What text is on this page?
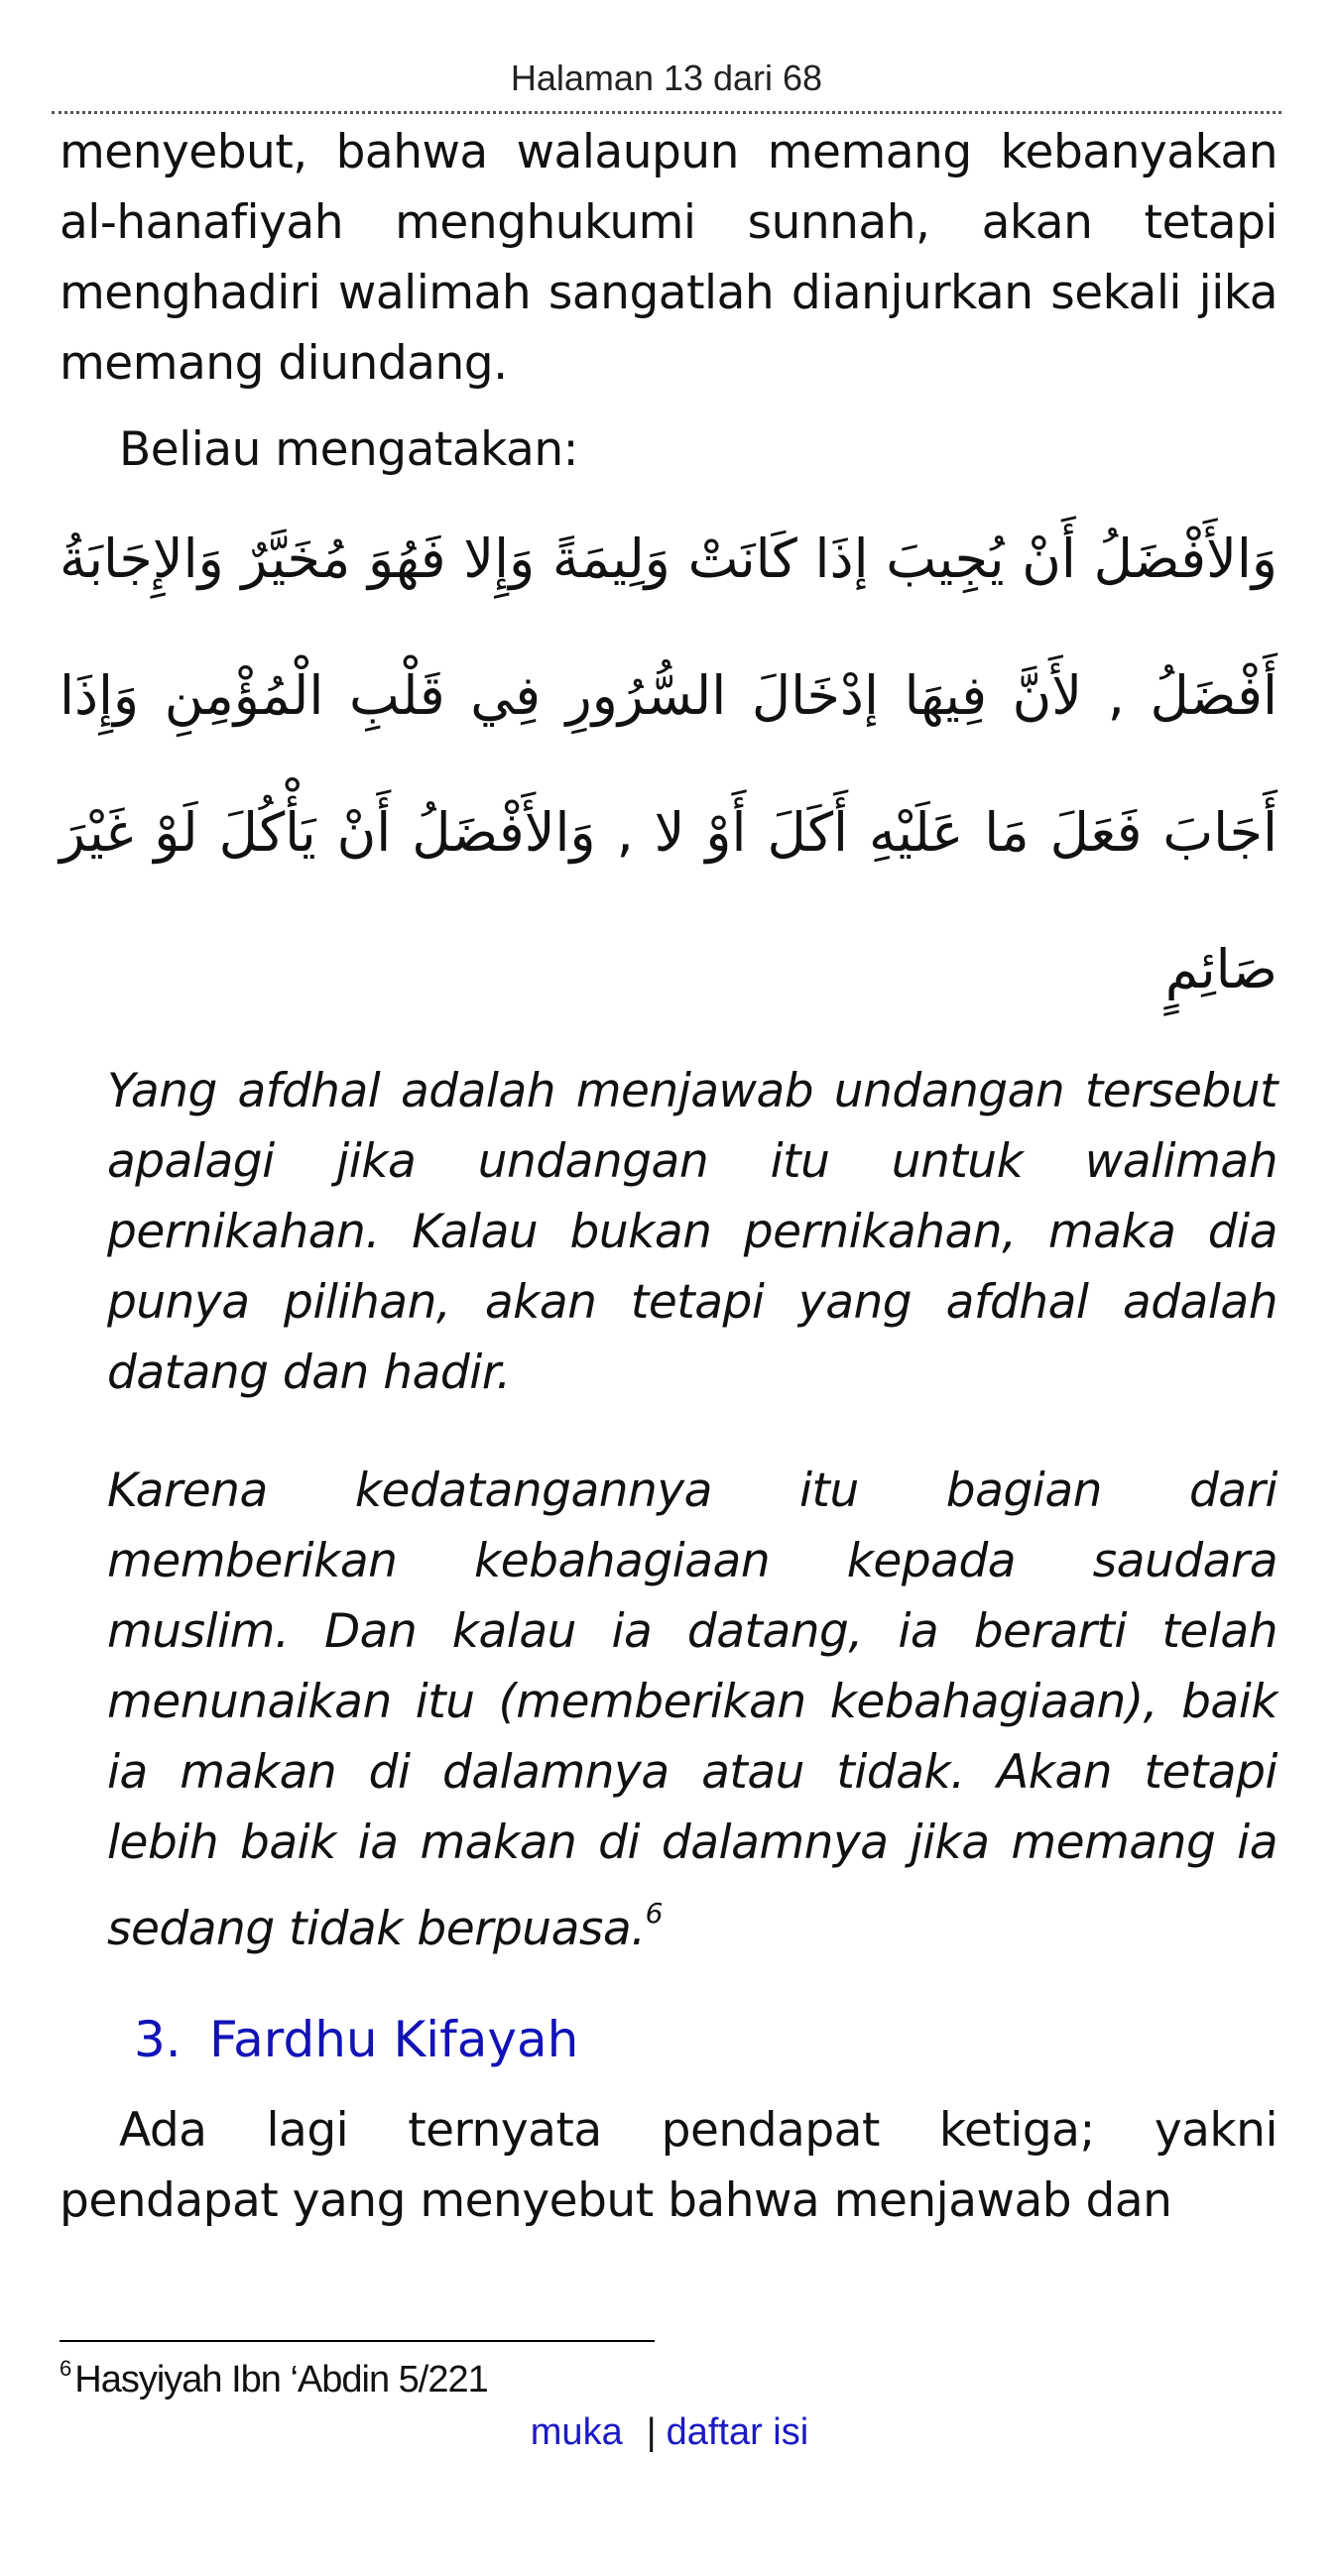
Halaman 13 dari 68

menyebut, bahwa walaupun memang kebanyakan al-hanafiyah menghukumi sunnah, akan tetapi menghadiri walimah sangatlah dianjurkan sekali jika memang diundang.

Beliau mengatakan:

وَالأَفْضَلُ أَنْ يُجِيبَ إذَا كَانَتْ وَلِيمَةً وَإِلا فَهُوَ مُخَيَّرٌ وَالإِجَابَةُ أَفْضَلُ , لأَنَّ فِيهَا إدْخَالَ السُّرُورِ فِي قَلْبِ الْمُؤْمِنِ وَإِذَا أَجَابَ فَعَلَ مَا عَلَيْهِ أَكَلَ أَوْ لا , وَالأَفْضَلُ أَنْ يَأْكُلَ لَوْ غَيْرَ صَائِمٍ

Yang afdhal adalah menjawab undangan tersebut apalagi jika undangan itu untuk walimah pernikahan. Kalau bukan pernikahan, maka dia punya pilihan, akan tetapi yang afdhal adalah datang dan hadir.

Karena kedatangannya itu bagian dari memberikan kebahagiaan kepada saudara muslim. Dan kalau ia datang, ia berarti telah menunaikan itu (memberikan kebahagiaan), baik ia makan di dalamnya atau tidak. Akan tetapi lebih baik ia makan di dalamnya jika memang ia sedang tidak berpuasa.$^6$

3. Fardhu Kifayah

Ada lagi ternyata pendapat ketiga; yakni pendapat yang menyebut bahwa menjawab dan

$^6$ Hasyiyah Ibn ‘Abdin 5/221
muka | daftar isi
